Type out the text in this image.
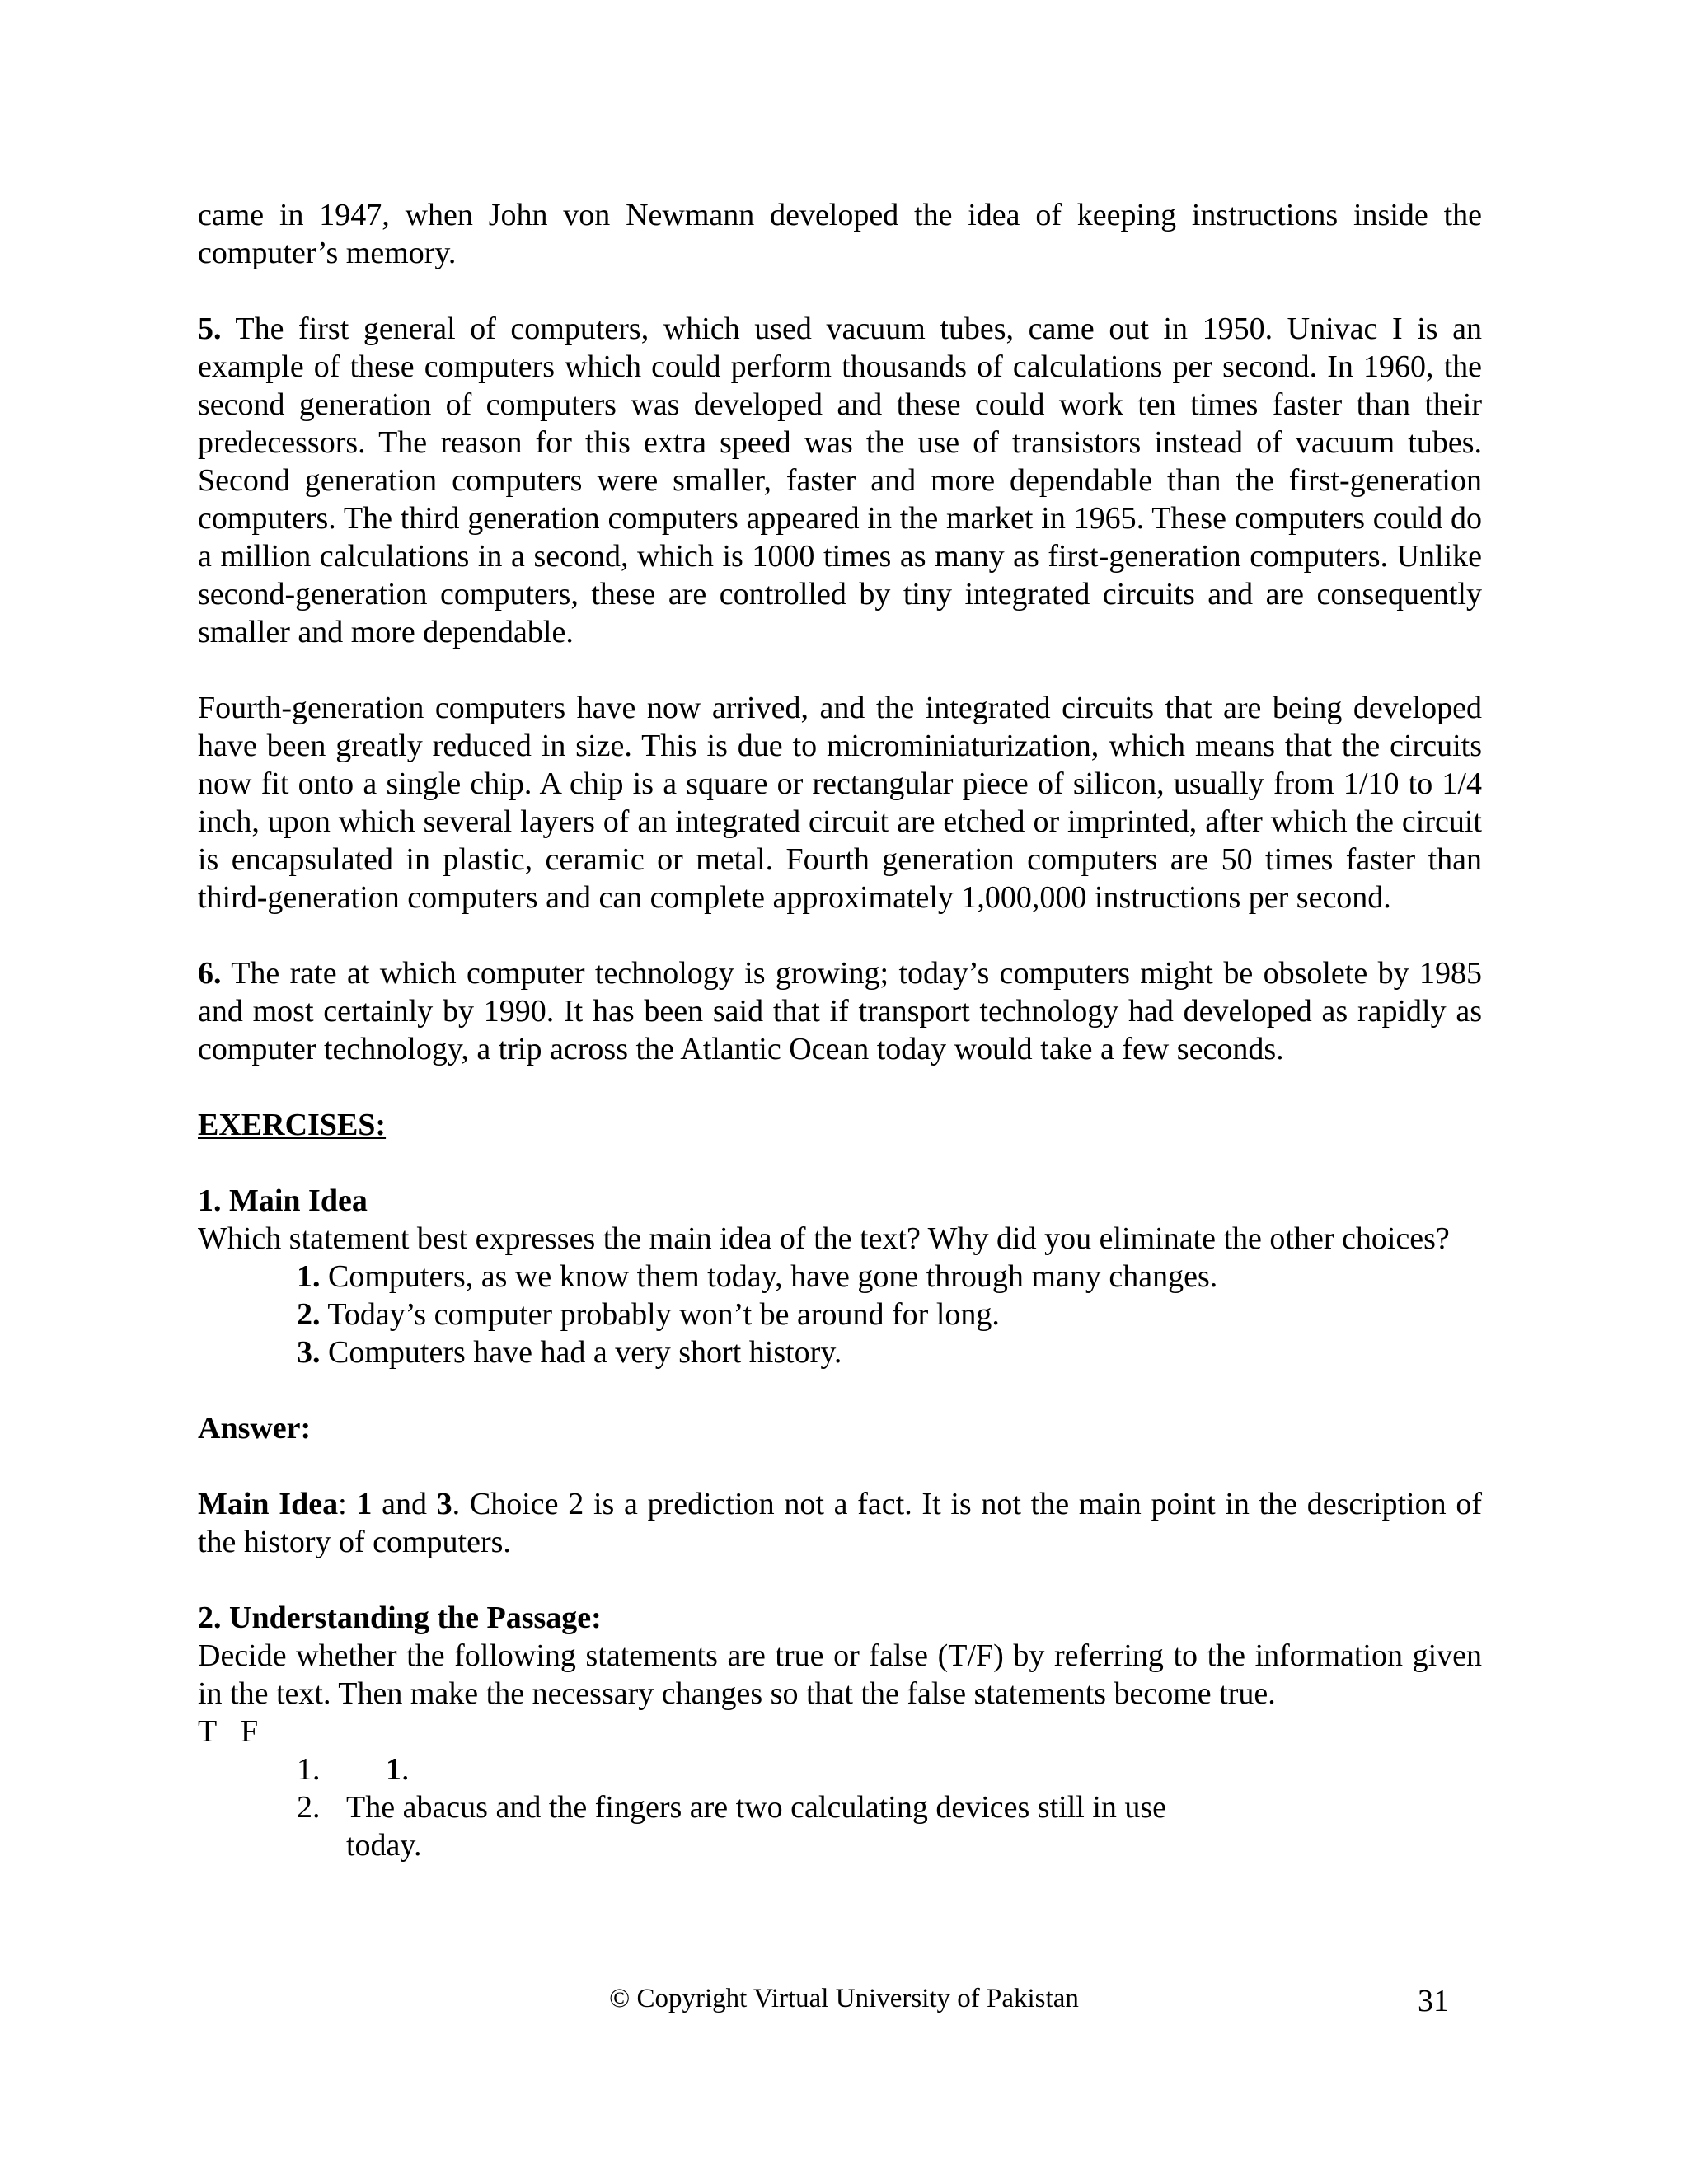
came in 1947, when John von Newmann developed the idea of keeping instructions inside the computer’s memory.

5. The first general of computers, which used vacuum tubes, came out in 1950. Univac I is an example of these computers which could perform thousands of calculations per second. In 1960, the second generation of computers was developed and these could work ten times faster than their predecessors. The reason for this extra speed was the use of transistors instead of vacuum tubes. Second generation computers were smaller, faster and more dependable than the first-generation computers. The third generation computers appeared in the market in 1965. These computers could do a million calculations in a second, which is 1000 times as many as first-generation computers. Unlike second-generation computers, these are controlled by tiny integrated circuits and are consequently smaller and more dependable.

Fourth-generation computers have now arrived, and the integrated circuits that are being developed have been greatly reduced in size. This is due to microminiaturization, which means that the circuits now fit onto a single chip. A chip is a square or rectangular piece of silicon, usually from 1/10 to 1/4 inch, upon which several layers of an integrated circuit are etched or imprinted, after which the circuit is encapsulated in plastic, ceramic or metal. Fourth generation computers are 50 times faster than third-generation computers and can complete approximately 1,000,000 instructions per second.

6. The rate at which computer technology is growing; today’s computers might be obsolete by 1985 and most certainly by 1990. It has been said that if transport technology had developed as rapidly as computer technology, a trip across the Atlantic Ocean today would take a few seconds.

EXERCISES:

1. Main Idea

Which statement best expresses the main idea of the text? Why did you eliminate the other choices?

1. Computers, as we know them today, have gone through many changes.

2. Today’s computer probably won’t be around for long.

3. Computers have had a very short history.

Answer:

Main Idea: 1 and 3. Choice 2 is a prediction not a fact. It is not the main point in the description of the history of computers.

2. Understanding the Passage:

Decide whether the following statements are true or false (T/F) by referring to the information given in the text. Then make the necessary changes so that the false statements become true.

T F

1.	1.
2. The abacus and the fingers are two calculating devices still in use today.
© Copyright Virtual University of Pakistan	31
